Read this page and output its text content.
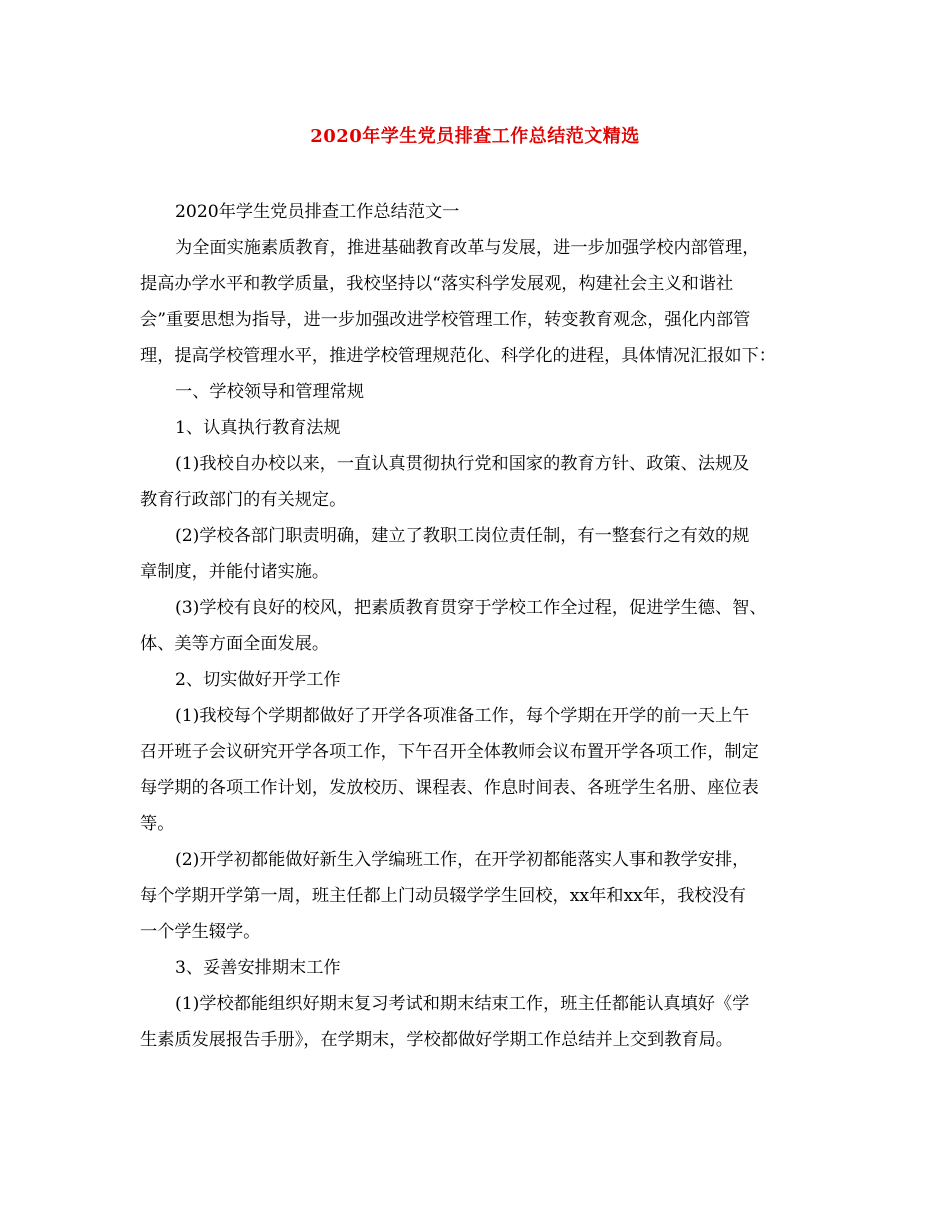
2020年学生党员排查工作总结范文精选
2020年学生党员排查工作总结范文一
为全面实施素质教育，推进基础教育改革与发展，进一步加强学校内部管理，
提高办学水平和教学质量，我校坚持以“落实科学发展观，构建社会主义和谐社
会”重要思想为指导，进一步加强改进学校管理工作，转变教育观念，强化内部管
理，提高学校管理水平，推进学校管理规范化、科学化的进程，具体情况汇报如下：
一、学校领导和管理常规
1、认真执行教育法规
(1)我校自办校以来，一直认真贯彻执行党和国家的教育方针、政策、法规及
教育行政部门的有关规定。
(2)学校各部门职责明确，建立了教职工岗位责任制，有一整套行之有效的规
章制度，并能付诸实施。
(3)学校有良好的校风，把素质教育贯穿于学校工作全过程，促进学生德、智、
体、美等方面全面发展。
2、切实做好开学工作
(1)我校每个学期都做好了开学各项准备工作，每个学期在开学的前一天上午
召开班子会议研究开学各项工作，下午召开全体教师会议布置开学各项工作，制定
每学期的各项工作计划，发放校历、课程表、作息时间表、各班学生名册、座位表
等。
(2)开学初都能做好新生入学编班工作，在开学初都能落实人事和教学安排，
每个学期开学第一周，班主任都上门动员辍学学生回校，xx年和xx年，我校没有
一个学生辍学。
3、妥善安排期末工作
(1)学校都能组织好期末复习考试和期末结束工作，班主任都能认真填好《学
生素质发展报告手册》，在学期末，学校都做好学期工作总结并上交到教育局。
